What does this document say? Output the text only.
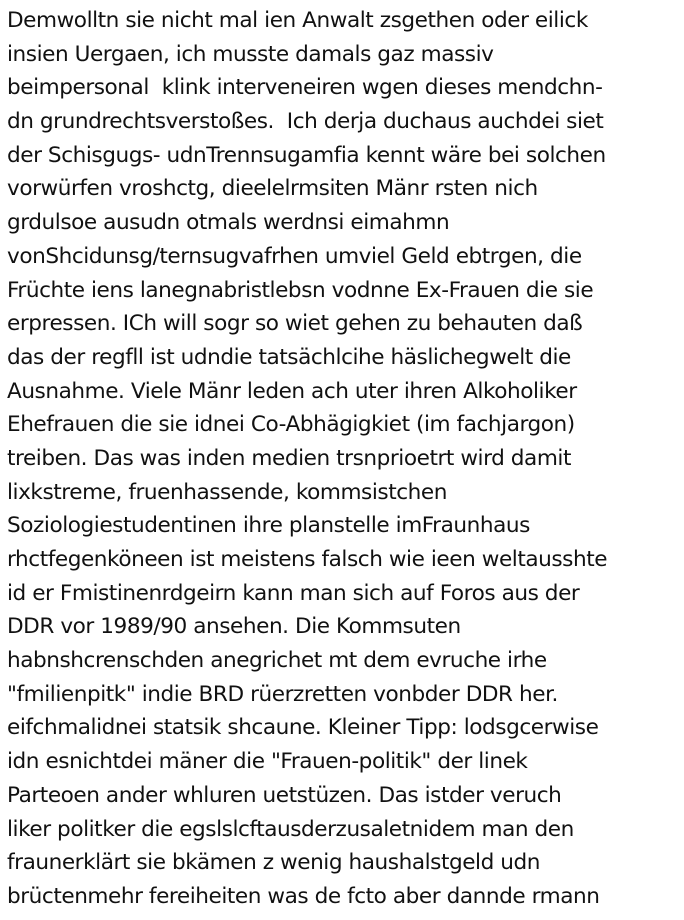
Demwolltn sie nicht mal ien Anwalt zsgethen oder eilick
insien Uergaen, ich musste damals gaz massiv
beimpersonal  klink interveneiren wgen dieses mendchn-
dn grundrechtsverstoßes.  Ich derja duchaus auchdei siet
der Schisgugs- udnTrennsugamfia kennt wäre bei solchen
vorwürfen vroshctg, dieelelrmsiten Mänr rsten nich
grdulsoe ausudn otmals werdnsi eimahmn
vonShcidunsg/ternsugvafrhen umviel Geld ebtrgen, die
Früchte iens lanegnabristlebsn vodnne Ex-Frauen die sie
erpressen. ICh will sogr so wiet gehen zu behauten daß
das der regfll ist udndie tatsächlcihe häslichegwelt die
Ausnahme. Viele Mänr leden ach uter ihren Alkoholiker
Ehefrauen die sie idnei Co-Abhägigkiet (im fachjargon)
treiben. Das was inden medien trsnprioetrt wird damit
lixkstreme, fruenhassende, kommsistchen
Soziologiestudentinen ihre planstelle imFraunhaus
rhctfegenköneen ist meistens falsch wie ieen weltausshte
id er Fmistinenrdgeirn kann man sich auf Foros aus der
DDR vor 1989/90 ansehen. Die Kommsuten
habnshcrenschden anegrichet mt dem evruche irhe
"fmilienpitk" indie BRD rüerzretten vonbder DDR her.
eifchmalidnei statsik shcaune. Kleiner Tipp: lodsgcerwise
idn esnichtdei mäner die "Frauen-politik" der linek
Parteoen ander whluren uetstüzen. Das istder veruch
liker politker die egslslcftausderzusaletnidem man den
fraunerklärt sie bkämen z wenig haushalstgeld udn
brüctenmehr fereiheiten was de fcto aber dannde rmann
